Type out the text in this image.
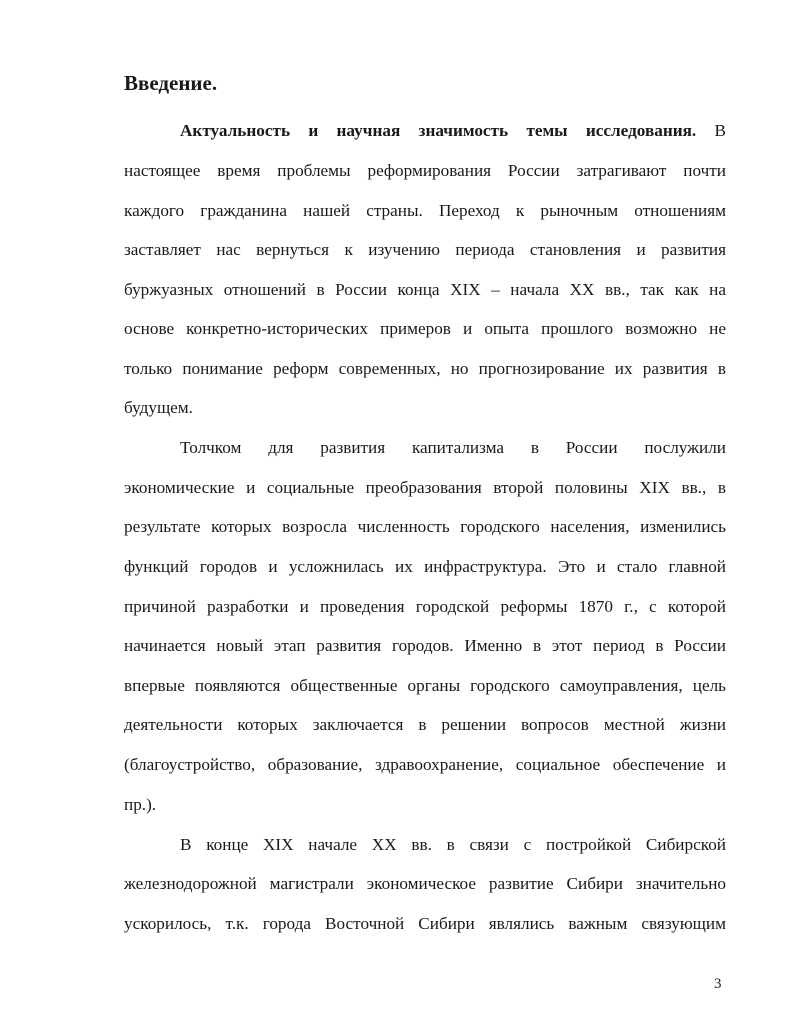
Введение.
Актуальность и научная значимость темы исследования. В
настоящее время проблемы реформирования России затрагивают почти
каждого гражданина нашей страны. Переход к рыночным отношениям
заставляет нас вернуться к изучению периода становления и развития
буржуазных отношений в России конца XIX – начала XX вв., так как на
основе конкретно-исторических примеров и опыта прошлого возможно не
только понимание реформ современных, но прогнозирование их развития в
будущем.
Толчком для развития капитализма в России послужили
экономические и социальные преобразования второй половины XIX вв., в
результате которых возросла численность городского населения, изменились
функций городов и усложнилась их инфраструктура. Это и стало главной
причиной разработки и проведения городской реформы 1870 г., с которой
начинается новый этап развития городов. Именно в этот период в России
впервые появляются общественные органы городского самоуправления, цель
деятельности которых заключается в решении вопросов местной жизни
(благоустройство, образование, здравоохранение, социальное обеспечение и
пр.).
В конце XIX начале XX вв. в связи с постройкой Сибирской
железнодорожной магистрали экономическое развитие Сибири значительно
ускорилось, т.к. города Восточной Сибири являлись важным связующим
3
